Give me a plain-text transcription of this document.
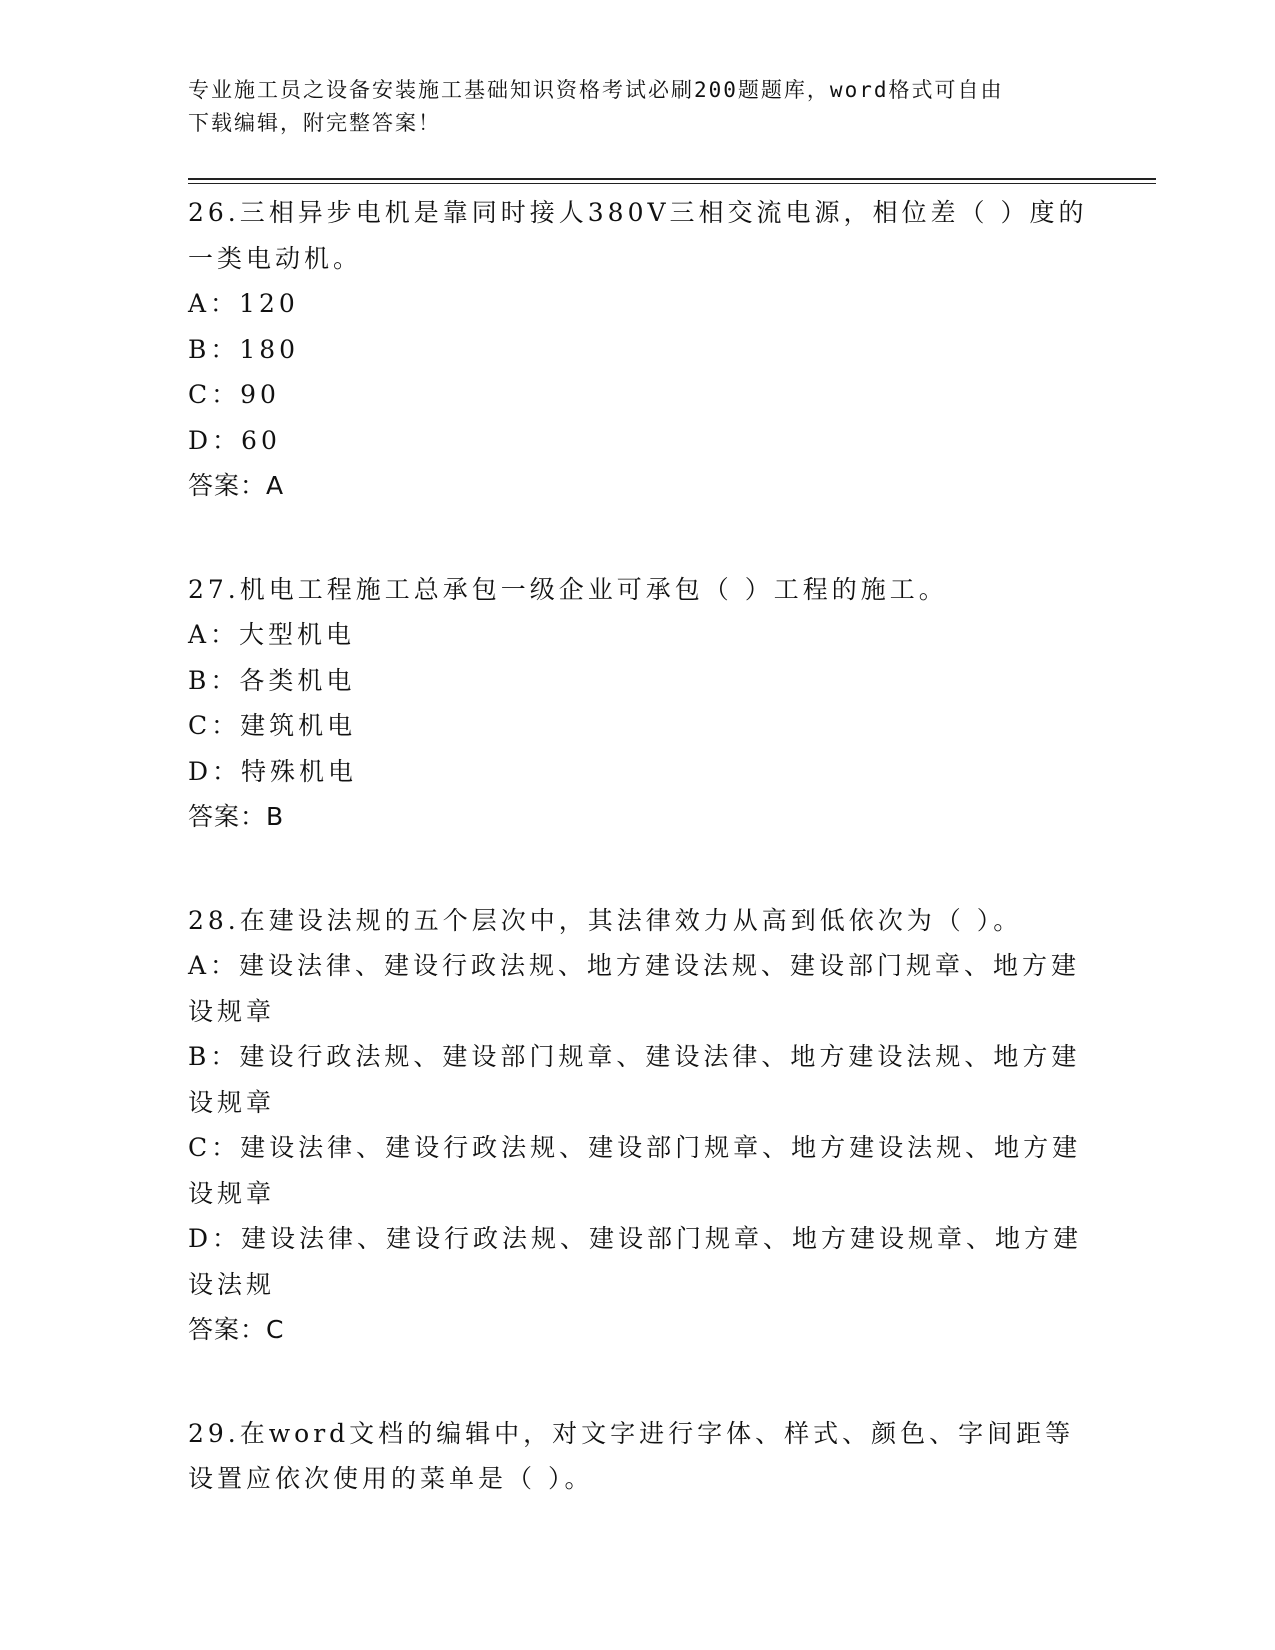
专业施工员之设备安装施工基础知识资格考试必刷200题题库，word格式可自由
下载编辑，附完整答案！
26.三相异步电机是靠同时接人380V三相交流电源，相位差（ ）度的
一类电动机。
A：120
B：180
C：90
D：60
答案：A
27.机电工程施工总承包一级企业可承包（ ）工程的施工。
A：大型机电
B：各类机电
C：建筑机电
D：特殊机电
答案：B
28.在建设法规的五个层次中，其法律效力从高到低依次为（ ）。
A：建设法律、建设行政法规、地方建设法规、建设部门规章、地方建
设规章
B：建设行政法规、建设部门规章、建设法律、地方建设法规、地方建
设规章
C：建设法律、建设行政法规、建设部门规章、地方建设法规、地方建
设规章
D：建设法律、建设行政法规、建设部门规章、地方建设规章、地方建
设法规
答案：C
29.在word文档的编辑中，对文字进行字体、样式、颜色、字间距等
设置应依次使用的菜单是（ ）。
